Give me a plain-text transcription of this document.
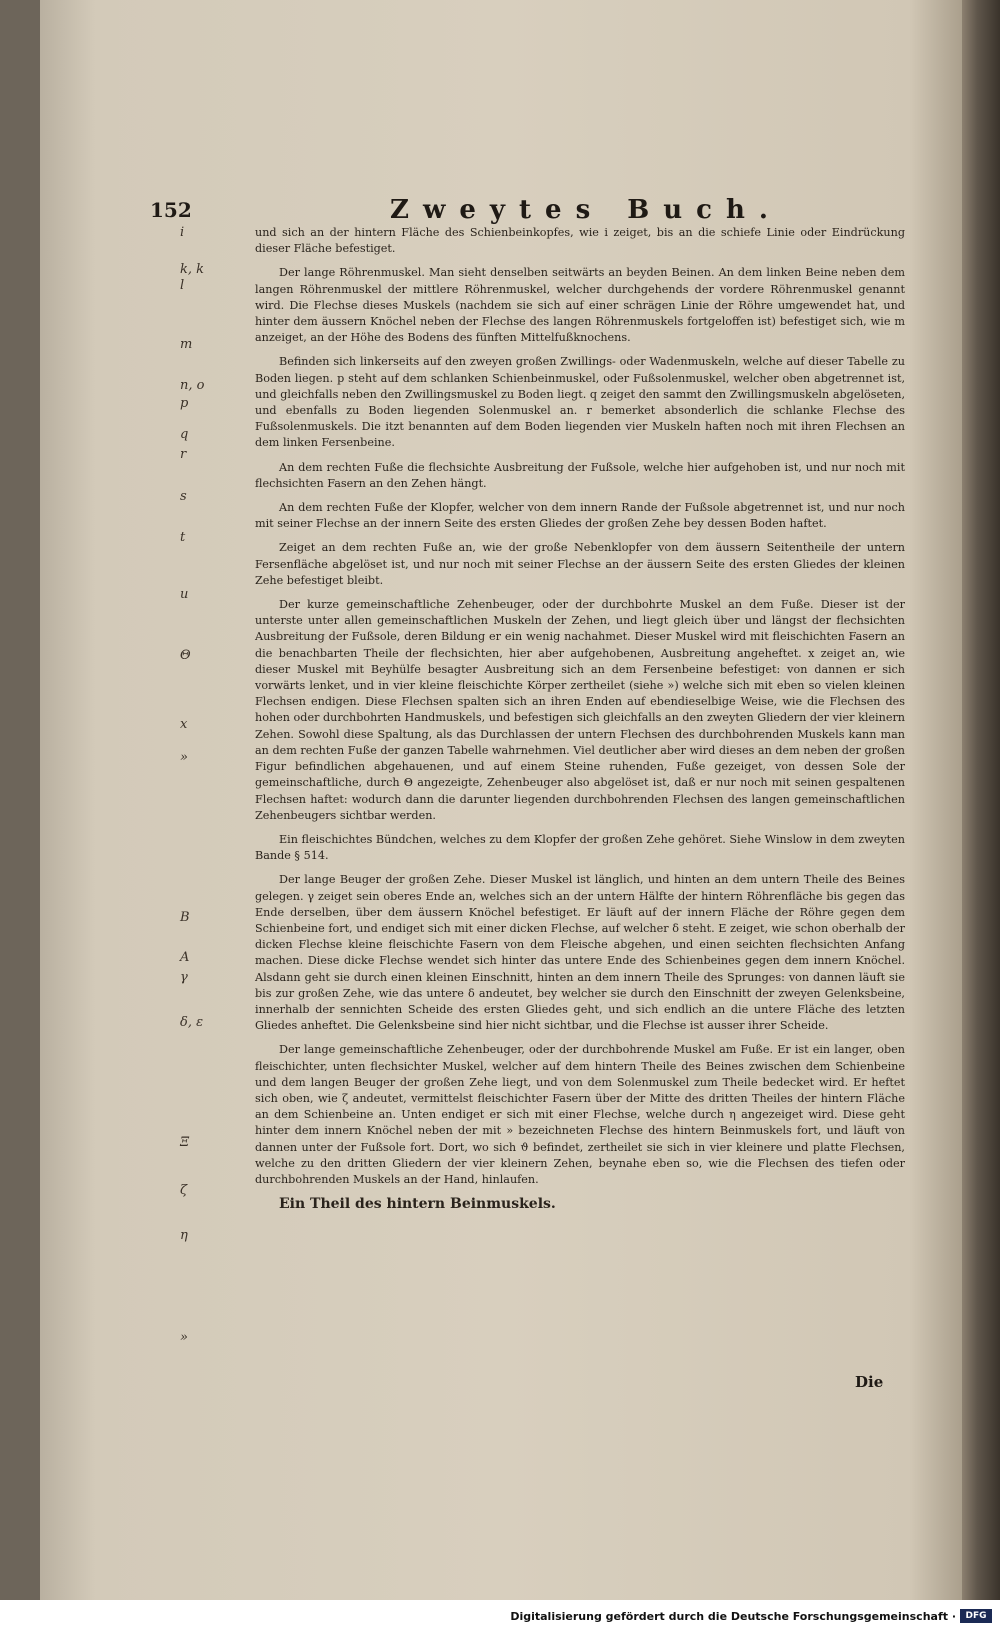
152	Zweytes Buch.
i
k, k
l
m
n, o
p
q
r
s
t
u
Θ
x
»
B
A
γ
δ, ε
Ξ
ζ
η
»

und sich an der hintern Fläche des Schienbeinkopfes, wie i zeiget, bis an die schiefe Linie oder Eindrückung dieser Fläche befestiget.

Der lange Röhrenmuskel. Man sieht denselben seitwärts an beyden Beinen. An dem linken Beine neben dem langen Röhrenmuskel der mittlere Röhrenmuskel, welcher durchgehends der vordere Röhrenmuskel genannt wird. Die Flechse dieses Muskels (nachdem sie sich auf einer schrägen Linie der Röhre umgewendet hat, und hinter dem äussern Knöchel neben der Flechse des langen Röhrenmuskels fortgeloffen ist) befestiget sich, wie m anzeiget, an der Höhe des Bodens des fünften Mittelfußknochens.

Befinden sich linkerseits auf den zweyen großen Zwillings- oder Wadenmuskeln, welche auf dieser Tabelle zu Boden liegen. p steht auf dem schlanken Schienbeinmuskel, oder Fußsolenmuskel, welcher oben abgetrennet ist, und gleichfalls neben den Zwillingsmuskel zu Boden liegt. q zeiget den sammt den Zwillingsmuskeln abgelöseten, und ebenfalls zu Boden liegenden Solenmuskel an. r bemerket absonderlich die schlanke Flechse des Fußsolenmuskels. Die itzt benannten auf dem Boden liegenden vier Muskeln haften noch mit ihren Flechsen an dem linken Fersenbeine.

An dem rechten Fuße die flechsichte Ausbreitung der Fußsole, welche hier aufgehoben ist, und nur noch mit flechsichten Fasern an den Zehen hängt.

An dem rechten Fuße der Klopfer, welcher von dem innern Rande der Fußsole abgetrennet ist, und nur noch mit seiner Flechse an der innern Seite des ersten Gliedes der großen Zehe bey dessen Boden haftet.

Zeiget an dem rechten Fuße an, wie der große Nebenklopfer von dem äussern Seitentheile der untern Fersenfläche abgelöset ist, und nur noch mit seiner Flechse an der äussern Seite des ersten Gliedes der kleinen Zehe befestiget bleibt.

Der kurze gemeinschaftliche Zehenbeuger, oder der durchbohrte Muskel an dem Fuße. Dieser ist der unterste unter allen gemeinschaftlichen Muskeln der Zehen, und liegt gleich über und längst der flechsichten Ausbreitung der Fußsole, deren Bildung er ein wenig nachahmet. Dieser Muskel wird mit fleischichten Fasern an die benachbarten Theile der flechsichten, hier aber aufgehobenen, Ausbreitung angeheftet. x zeiget an, wie dieser Muskel mit Beyhülfe besagter Ausbreitung sich an dem Fersenbeine befestiget: von dannen er sich vorwärts lenket, und in vier kleine fleischichte Körper zertheilet (siehe ») welche sich mit eben so vielen kleinen Flechsen endigen. Diese Flechsen spalten sich an ihren Enden auf ebendieselbige Weise, wie die Flechsen des hohen oder durchbohrten Handmuskels, und befestigen sich gleichfalls an den zweyten Gliedern der vier kleinern Zehen. Sowohl diese Spaltung, als das Durchlassen der untern Flechsen des durchbohrenden Muskels kann man an dem rechten Fuße der ganzen Tabelle wahrnehmen. Viel deutlicher aber wird dieses an dem neben der großen Figur befindlichen abgehauenen, und auf einem Steine ruhenden, Fuße gezeiget, von dessen Sole der gemeinschaftliche, durch Θ angezeigte, Zehenbeuger also abgelöset ist, daß er nur noch mit seinen gespaltenen Flechsen haftet: wodurch dann die darunter liegenden durchbohrenden Flechsen des langen gemeinschaftlichen Zehenbeugers sichtbar werden.

Ein fleischichtes Bündchen, welches zu dem Klopfer der großen Zehe gehöret. Siehe Winslow in dem zweyten Bande § 514.

Der lange Beuger der großen Zehe. Dieser Muskel ist länglich, und hinten an dem untern Theile des Beines gelegen. γ zeiget sein oberes Ende an, welches sich an der untern Hälfte der hintern Röhrenfläche bis gegen das Ende derselben, über dem äussern Knöchel befestiget. Er läuft auf der innern Fläche der Röhre gegen dem Schienbeine fort, und endiget sich mit einer dicken Flechse, auf welcher δ steht. E zeiget, wie schon oberhalb der dicken Flechse kleine fleischichte Fasern von dem Fleische abgehen, und einen seichten flechsichten Anfang machen. Diese dicke Flechse wendet sich hinter das untere Ende des Schienbeines gegen dem innern Knöchel. Alsdann geht sie durch einen kleinen Einschnitt, hinten an dem innern Theile des Sprunges: von dannen läuft sie bis zur großen Zehe, wie das untere δ andeutet, bey welcher sie durch den Einschnitt der zweyen Gelenksbeine, innerhalb der sennichten Scheide des ersten Gliedes geht, und sich endlich an die untere Fläche des letzten Gliedes anheftet. Die Gelenksbeine sind hier nicht sichtbar, und die Flechse ist ausser ihrer Scheide.

Der lange gemeinschaftliche Zehenbeuger, oder der durchbohrende Muskel am Fuße. Er ist ein langer, oben fleischichter, unten flechsichter Muskel, welcher auf dem hintern Theile des Beines zwischen dem Schienbeine und dem langen Beuger der großen Zehe liegt, und von dem Solenmuskel zum Theile bedecket wird. Er heftet sich oben, wie ζ andeutet, vermittelst fleischichter Fasern über der Mitte des dritten Theiles der hintern Fläche an dem Schienbeine an. Unten endiget er sich mit einer Flechse, welche durch η angezeiget wird. Diese geht hinter dem innern Knöchel neben der mit » bezeichneten Flechse des hintern Beinmuskels fort, und läuft von dannen unter der Fußsole fort. Dort, wo sich ϑ befindet, zertheilet sie sich in vier kleinere und platte Flechsen, welche zu den dritten Gliedern der vier kleinern Zehen, beynahe eben so, wie die Flechsen des tiefen oder durchbohrenden Muskels an der Hand, hinlaufen.

Ein Theil des hintern Beinmuskels.

Die
Digitalisierung gefördert durch die Deutsche Forschungsgemeinschaft ·	DFG
